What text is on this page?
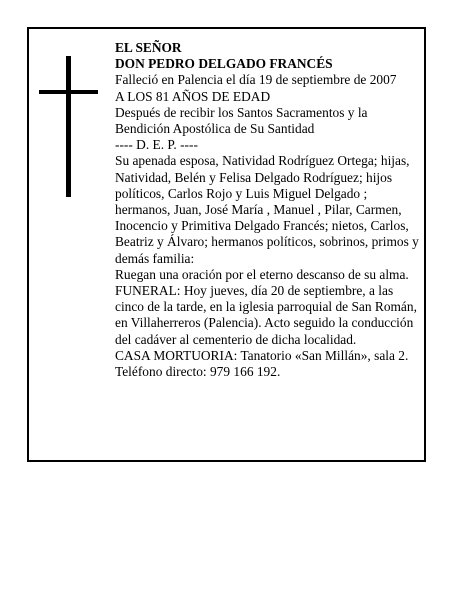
EL SEÑOR

DON PEDRO DELGADO FRANCÉS

Falleció en Palencia el día 19 de septiembre de 2007

A LOS 81 AÑOS DE EDAD

Después de recibir los Santos Sacramentos y la Bendición Apostólica de Su Santidad

---- D. E. P. ----

Su apenada esposa, Natividad Rodríguez Ortega; hijas, Natividad, Belén y Felisa Delgado Rodríguez; hijos políticos, Carlos Rojo y Luis Miguel Delgado ; hermanos, Juan, José María , Manuel , Pilar, Carmen, Inocencio y Primitiva Delgado Francés; nietos, Carlos, Beatriz y Álvaro; hermanos políticos, sobrinos, primos y demás familia:

Ruegan una oración por el eterno descanso de su alma.

FUNERAL: Hoy jueves, día 20 de septiembre, a las cinco de la tarde, en la iglesia parroquial de San Román, en Villaherreros (Palencia). Acto seguido la conducción del cadáver al cementerio de dicha localidad.

CASA MORTUORIA: Tanatorio «San Millán», sala 2. Teléfono directo: 979 166 192.
